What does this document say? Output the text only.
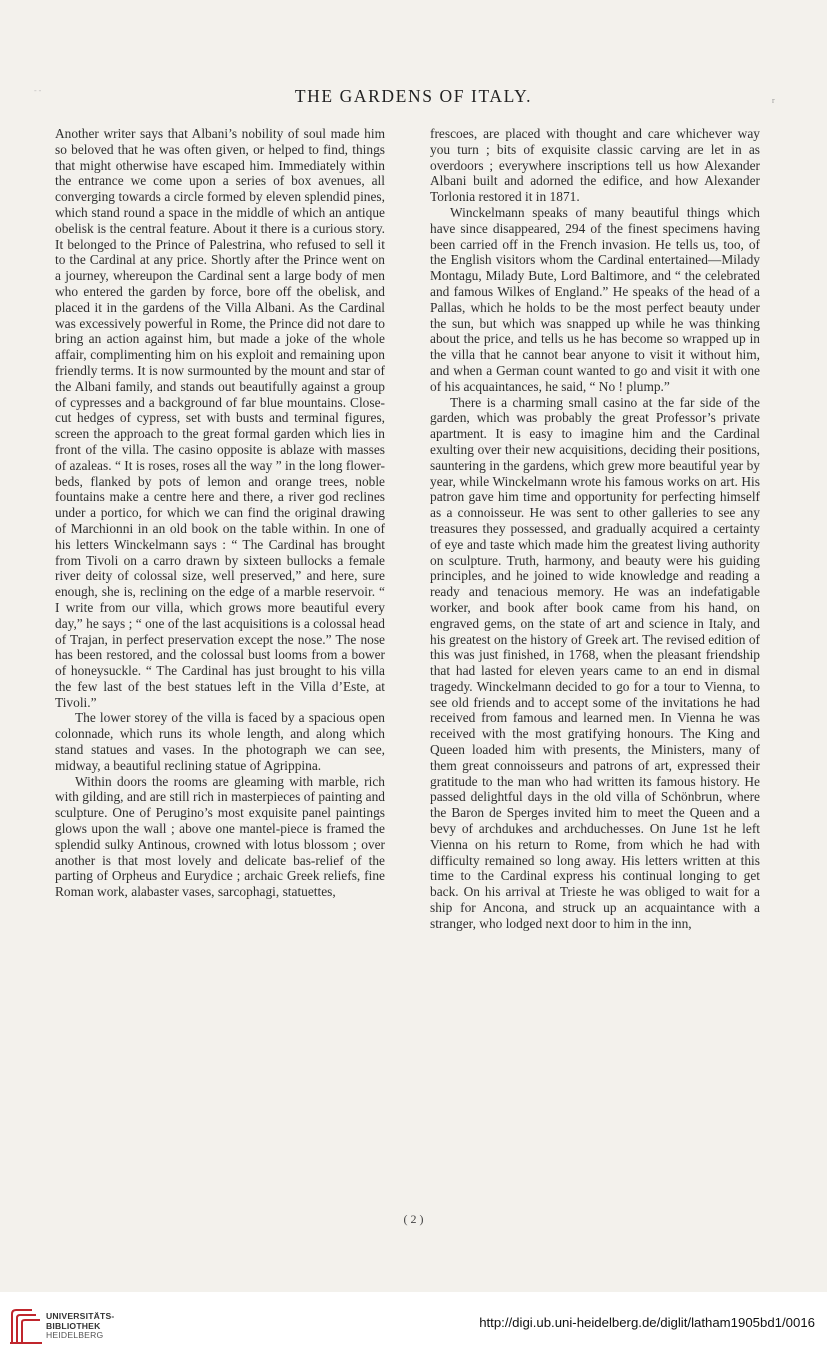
- -	THE GARDENS OF ITALY.	r

Another writer says that Albani’s nobility of soul made him so beloved that he was often given, or helped to find, things that might otherwise have escaped him. Immediately within the entrance we come upon a series of box avenues, all converging towards a circle formed by eleven splendid pines, which stand round a space in the middle of which an antique obelisk is the central feature. About it there is a curious story. It belonged to the Prince of Palestrina, who refused to sell it to the Cardinal at any price. Shortly after the Prince went on a journey, whereupon the Cardinal sent a large body of men who entered the garden by force, bore off the obelisk, and placed it in the gardens of the Villa Albani. As the Cardinal was excessively powerful in Rome, the Prince did not dare to bring an action against him, but made a joke of the whole affair, complimenting him on his exploit and remaining upon friendly terms. It is now surmounted by the mount and star of the Albani family, and stands out beautifully against a group of cypresses and a background of far blue mountains. Close-cut hedges of cypress, set with busts and terminal figures, screen the approach to the great formal garden which lies in front of the villa. The casino opposite is ablaze with masses of azaleas. “ It is roses, roses all the way ” in the long flower-beds, flanked by pots of lemon and orange trees, noble fountains make a centre here and there, a river god reclines under a portico, for which we can find the original drawing of Marchionni in an old book on the table within. In one of his letters Winckelmann says : “ The Cardinal has brought from Tivoli on a carro drawn by sixteen bullocks a female river deity of colossal size, well preserved,” and here, sure enough, she is, reclining on the edge of a marble reservoir. “ I write from our villa, which grows more beautiful every day,” he says ; “ one of the last acquisitions is a colossal head of Trajan, in perfect preservation except the nose.” The nose has been restored, and the colossal bust looms from a bower of honeysuckle. “ The Cardinal has just brought to his villa the few last of the best statues left in the Villa d’Este, at Tivoli.”

The lower storey of the villa is faced by a spacious open colonnade, which runs its whole length, and along which stand statues and vases. In the photograph we can see, midway, a beautiful reclining statue of Agrippina.

Within doors the rooms are gleaming with marble, rich with gilding, and are still rich in masterpieces of painting and sculpture. One of Perugino’s most exquisite panel paintings glows upon the wall ; above one mantel-piece is framed the splendid sulky Antinous, crowned with lotus blossom ; over another is that most lovely and delicate bas-relief of the parting of Orpheus and Eurydice ; archaic Greek reliefs, fine Roman work, alabaster vases, sarcophagi, statuettes,

frescoes, are placed with thought and care whichever way you turn ; bits of exquisite classic carving are let in as overdoors ; everywhere inscriptions tell us how Alexander Albani built and adorned the edifice, and how Alexander Torlonia restored it in 1871.

Winckelmann speaks of many beautiful things which have since disappeared, 294 of the finest specimens having been carried off in the French invasion. He tells us, too, of the English visitors whom the Cardinal entertained—Milady Montagu, Milady Bute, Lord Baltimore, and “ the celebrated and famous Wilkes of England.” He speaks of the head of a Pallas, which he holds to be the most perfect beauty under the sun, but which was snapped up while he was thinking about the price, and tells us he has become so wrapped up in the villa that he cannot bear anyone to visit it without him, and when a German count wanted to go and visit it with one of his acquaintances, he said, “ No ! plump.”

There is a charming small casino at the far side of the garden, which was probably the great Professor’s private apartment. It is easy to imagine him and the Cardinal exulting over their new acquisitions, deciding their positions, sauntering in the gardens, which grew more beautiful year by year, while Winckelmann wrote his famous works on art. His patron gave him time and opportunity for perfecting himself as a connoisseur. He was sent to other galleries to see any treasures they possessed, and gradually acquired a certainty of eye and taste which made him the greatest living authority on sculpture. Truth, harmony, and beauty were his guiding principles, and he joined to wide knowledge and reading a ready and tenacious memory. He was an indefatigable worker, and book after book came from his hand, on engraved gems, on the state of art and science in Italy, and his greatest on the history of Greek art. The revised edition of this was just finished, in 1768, when the pleasant friendship that had lasted for eleven years came to an end in dismal tragedy. Winckelmann decided to go for a tour to Vienna, to see old friends and to accept some of the invitations he had received from famous and learned men. In Vienna he was received with the most gratifying honours. The King and Queen loaded him with presents, the Ministers, many of them great connoisseurs and patrons of art, expressed their gratitude to the man who had written its famous history. He passed delightful days in the old villa of Schönbrun, where the Baron de Sperges invited him to meet the Queen and a bevy of archdukes and archduchesses. On June 1st he left Vienna on his return to Rome, from which he had with difficulty remained so long away. His letters written at this time to the Cardinal express his continual longing to get back. On his arrival at Trieste he was obliged to wait for a ship for Ancona, and struck up an acquaintance with a stranger, who lodged next door to him in the inn,

( 2 )
UNIVERSITÄTS-
BIBLIOTHEK
HEIDELBERG
http://digi.ub.uni-heidelberg.de/diglit/latham1905bd1/0016
